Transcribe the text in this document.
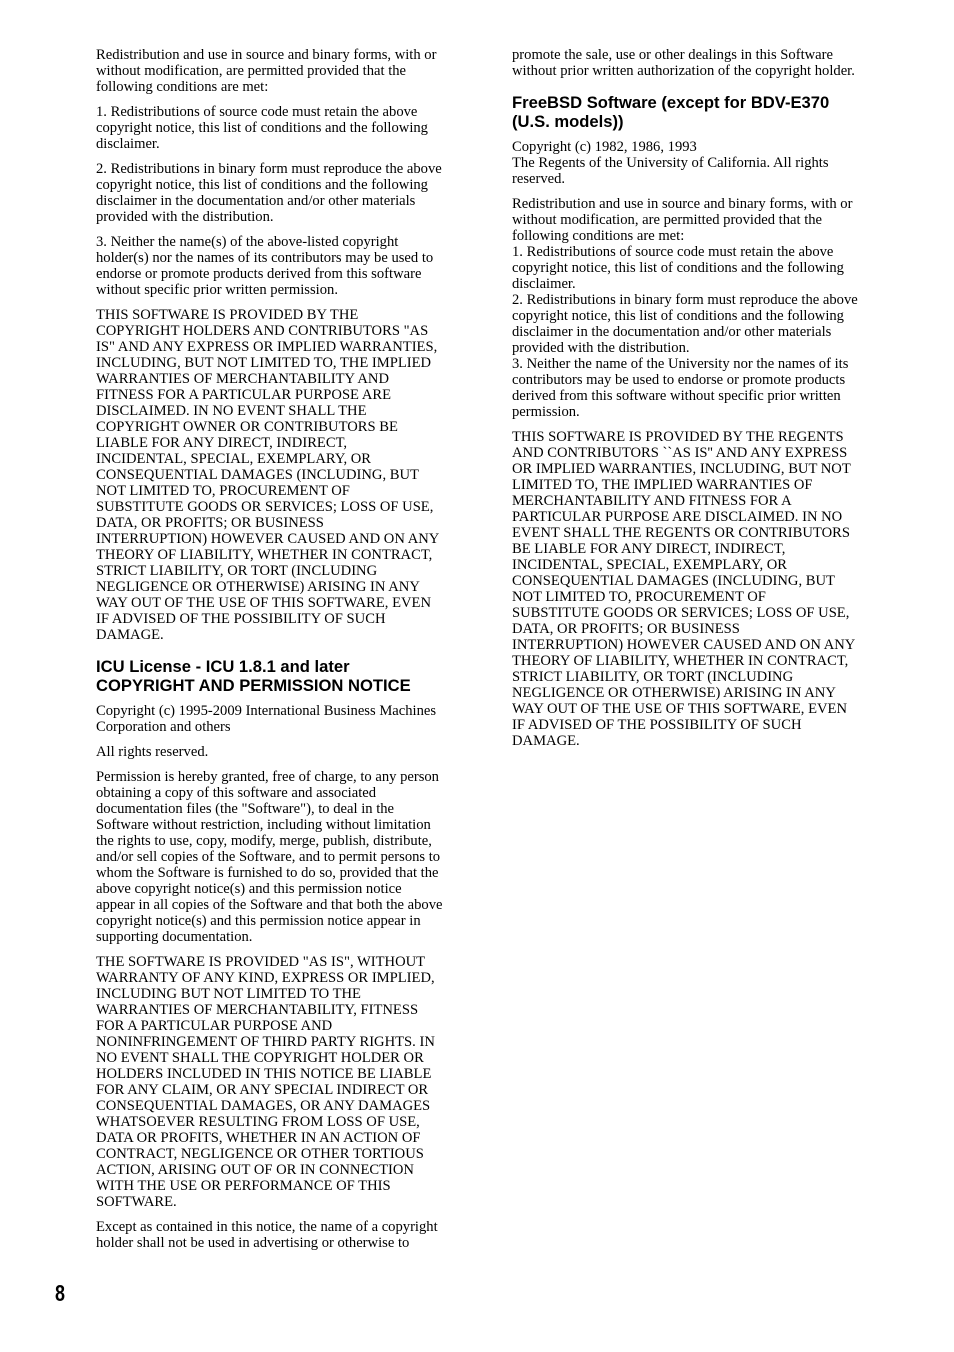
Redistribution and use in source and binary forms, with or
without modification, are permitted provided that the
following conditions are met:

1. Redistributions of source code must retain the above
copyright notice, this list of conditions and the following
disclaimer.

2. Redistributions in binary form must reproduce the above
copyright notice, this list of conditions and the following
disclaimer in the documentation and/or other materials
provided with the distribution.

3. Neither the name(s) of the above-listed copyright
holder(s) nor the names of its contributors may be used to
endorse or promote products derived from this software
without specific prior written permission.

THIS SOFTWARE IS PROVIDED BY THE
COPYRIGHT HOLDERS AND CONTRIBUTORS "AS
IS" AND ANY EXPRESS OR IMPLIED WARRANTIES,
INCLUDING, BUT NOT LIMITED TO, THE IMPLIED
WARRANTIES OF MERCHANTABILITY AND
FITNESS FOR A PARTICULAR PURPOSE ARE
DISCLAIMED. IN NO EVENT SHALL THE
COPYRIGHT OWNER OR CONTRIBUTORS BE
LIABLE FOR ANY DIRECT, INDIRECT,
INCIDENTAL, SPECIAL, EXEMPLARY, OR
CONSEQUENTIAL DAMAGES (INCLUDING, BUT
NOT LIMITED TO, PROCUREMENT OF
SUBSTITUTE GOODS OR SERVICES; LOSS OF USE,
DATA, OR PROFITS; OR BUSINESS
INTERRUPTION) HOWEVER CAUSED AND ON ANY
THEORY OF LIABILITY, WHETHER IN CONTRACT,
STRICT LIABILITY, OR TORT (INCLUDING
NEGLIGENCE OR OTHERWISE) ARISING IN ANY
WAY OUT OF THE USE OF THIS SOFTWARE, EVEN
IF ADVISED OF THE POSSIBILITY OF SUCH
DAMAGE.

ICU License - ICU 1.8.1 and later
COPYRIGHT AND PERMISSION NOTICE

Copyright (c) 1995-2009 International Business Machines
Corporation and others

All rights reserved.

Permission is hereby granted, free of charge, to any person
obtaining a copy of this software and associated
documentation files (the "Software"), to deal in the
Software without restriction, including without limitation
the rights to use, copy, modify, merge, publish, distribute,
and/or sell copies of the Software, and to permit persons to
whom the Software is furnished to do so, provided that the
above copyright notice(s) and this permission notice
appear in all copies of the Software and that both the above
copyright notice(s) and this permission notice appear in
supporting documentation.

THE SOFTWARE IS PROVIDED "AS IS", WITHOUT
WARRANTY OF ANY KIND, EXPRESS OR IMPLIED,
INCLUDING BUT NOT LIMITED TO THE
WARRANTIES OF MERCHANTABILITY, FITNESS
FOR A PARTICULAR PURPOSE AND
NONINFRINGEMENT OF THIRD PARTY RIGHTS. IN
NO EVENT SHALL THE COPYRIGHT HOLDER OR
HOLDERS INCLUDED IN THIS NOTICE BE LIABLE
FOR ANY CLAIM, OR ANY SPECIAL INDIRECT OR
CONSEQUENTIAL DAMAGES, OR ANY DAMAGES
WHATSOEVER RESULTING FROM LOSS OF USE,
DATA OR PROFITS, WHETHER IN AN ACTION OF
CONTRACT, NEGLIGENCE OR OTHER TORTIOUS
ACTION, ARISING OUT OF OR IN CONNECTION
WITH THE USE OR PERFORMANCE OF THIS
SOFTWARE.

Except as contained in this notice, the name of a copyright
holder shall not be used in advertising or otherwise to

promote the sale, use or other dealings in this Software
without prior written authorization of the copyright holder.

FreeBSD Software (except for BDV-E370
(U.S. models))

Copyright (c) 1982, 1986, 1993
The Regents of the University of California. All rights
reserved.

Redistribution and use in source and binary forms, with or
without modification, are permitted provided that the
following conditions are met:
1. Redistributions of source code must retain the above
copyright notice, this list of conditions and the following
disclaimer.
2. Redistributions in binary form must reproduce the above
copyright notice, this list of conditions and the following
disclaimer in the documentation and/or other materials
provided with the distribution.
3. Neither the name of the University nor the names of its
contributors may be used to endorse or promote products
derived from this software without specific prior written
permission.

THIS SOFTWARE IS PROVIDED BY THE REGENTS
AND CONTRIBUTORS ``AS IS'' AND ANY EXPRESS
OR IMPLIED WARRANTIES, INCLUDING, BUT NOT
LIMITED TO, THE IMPLIED WARRANTIES OF
MERCHANTABILITY AND FITNESS FOR A
PARTICULAR PURPOSE ARE DISCLAIMED. IN NO
EVENT SHALL THE REGENTS OR CONTRIBUTORS
BE LIABLE FOR ANY DIRECT, INDIRECT,
INCIDENTAL, SPECIAL, EXEMPLARY, OR
CONSEQUENTIAL DAMAGES (INCLUDING, BUT
NOT LIMITED TO, PROCUREMENT OF
SUBSTITUTE GOODS OR SERVICES; LOSS OF USE,
DATA, OR PROFITS; OR BUSINESS
INTERRUPTION) HOWEVER CAUSED AND ON ANY
THEORY OF LIABILITY, WHETHER IN CONTRACT,
STRICT LIABILITY, OR TORT (INCLUDING
NEGLIGENCE OR OTHERWISE) ARISING IN ANY
WAY OUT OF THE USE OF THIS SOFTWARE, EVEN
IF ADVISED OF THE POSSIBILITY OF SUCH
DAMAGE.

8
